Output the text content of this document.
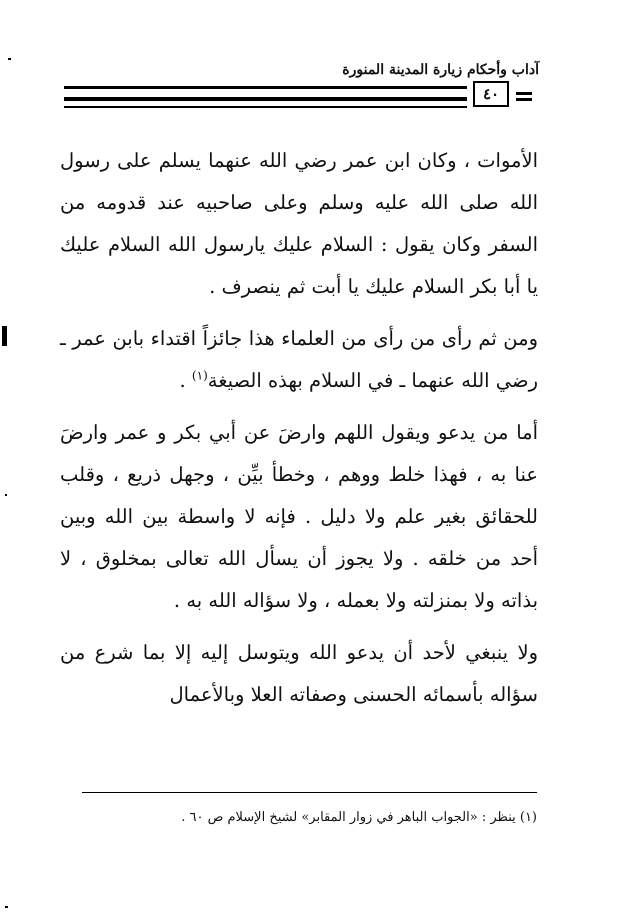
آداب وأحكام زيارة المدينة المنورة
٤٠

الأموات ، وكان ابن عمر رضي الله عنهما يسلم على رسول الله صلى الله عليه وسلم وعلى صاحبيه عند قدومه من السفر وكان يقول : السلام عليك يارسول الله السلام عليك يا أبا بكر السلام عليك يا أبت ثم ينصرف .

ومن ثم رأى من رأى من العلماء هذا جائزاً اقتداء بابن عمر ـ رضي الله عنهما ـ في السلام بهذه الصيغة$^{(١)}$ .

أما من يدعو ويقول اللهم وارضَ عن أبي بكر و عمر وارضَ عنا به ، فهذا خلط ووهم ، وخطأ بيِّن ، وجهل ذريع ، وقلب للحقائق بغير علم ولا دليل . فإنه لا واسطة بين الله وبين أحد من خلقه . ولا يجوز أن يسأل الله تعالى بمخلوق ، لا بذاته ولا بمنزلته ولا بعمله ، ولا سؤاله الله به .

ولا ينبغي لأحد أن يدعو الله ويتوسل إليه إلا بما شرع من سؤاله بأسمائه الحسنى وصفاته العلا وبالأعمال

(١) ينظر : «الجواب الباهر في زوار المقابر» لشيخ الإسلام ص ٦٠ .
